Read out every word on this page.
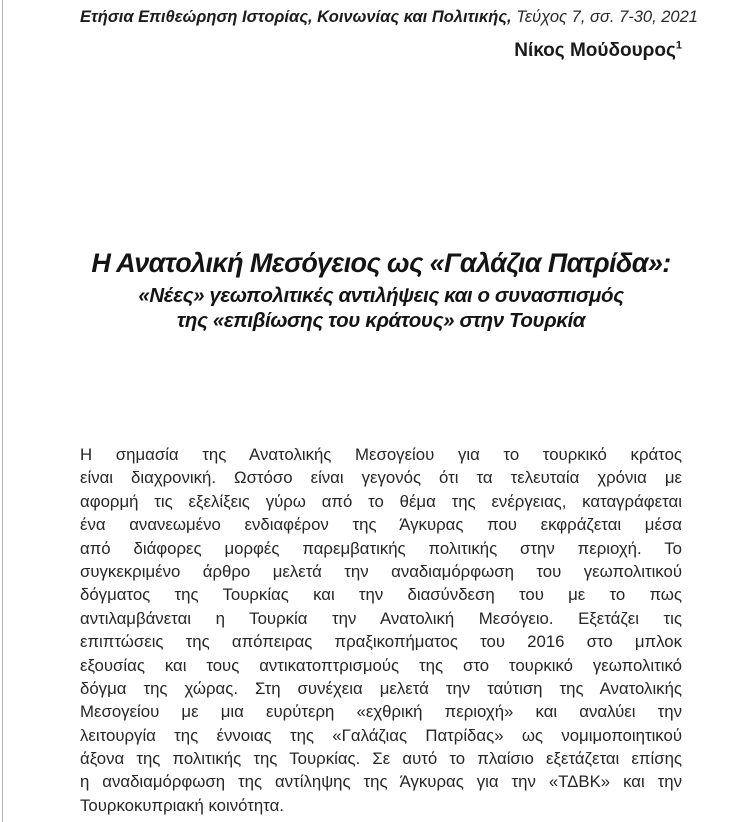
Ετήσια Επιθεώρηση Ιστορίας, Κοινωνίας και Πολιτικής, Τεύχος 7, σσ. 7-30, 2021
Νίκος Μούδουρος$^1$
Η Ανατολική Μεσόγειος ως «Γαλάζια Πατρίδα»:
«Νέες» γεωπολιτικές αντιλήψεις και ο συνασπισμός
της «επιβίωσης του κράτους» στην Τουρκία
Η σημασία της Ανατολικής Μεσογείου για το τουρκικό κράτος
είναι διαχρονική. Ωστόσο είναι γεγονός ότι τα τελευταία χρόνια με
αφορμή τις εξελίξεις γύρω από το θέμα της ενέργειας, καταγράφεται
ένα ανανεωμένο ενδιαφέρον της Άγκυρας που εκφράζεται μέσα
από διάφορες μορφές παρεμβατικής πολιτικής στην περιοχή. Το
συγκεκριμένο άρθρο μελετά την αναδιαμόρφωση του γεωπολιτικού
δόγματος της Τουρκίας και την διασύνδεση του με το πως
αντιλαμβάνεται η Τουρκία την Ανατολική Μεσόγειο. Εξετάζει τις
επιπτώσεις της απόπειρας πραξικοπήματος του 2016 στο μπλοκ
εξουσίας και τους αντικατοπτρισμούς της στο τουρκικό γεωπολιτικό
δόγμα της χώρας. Στη συνέχεια μελετά την ταύτιση της Ανατολικής
Μεσογείου με μια ευρύτερη «εχθρική περιοχή» και αναλύει την
λειτουργία της έννοιας της «Γαλάζιας Πατρίδας» ως νομιμοποιητικού
άξονα της πολιτικής της Τουρκίας. Σε αυτό το πλαίσιο εξετάζεται επίσης
η αναδιαμόρφωση της αντίληψης της Άγκυρας για την «ΤΔΒΚ» και την
Τουρκοκυπριακή κοινότητα.
